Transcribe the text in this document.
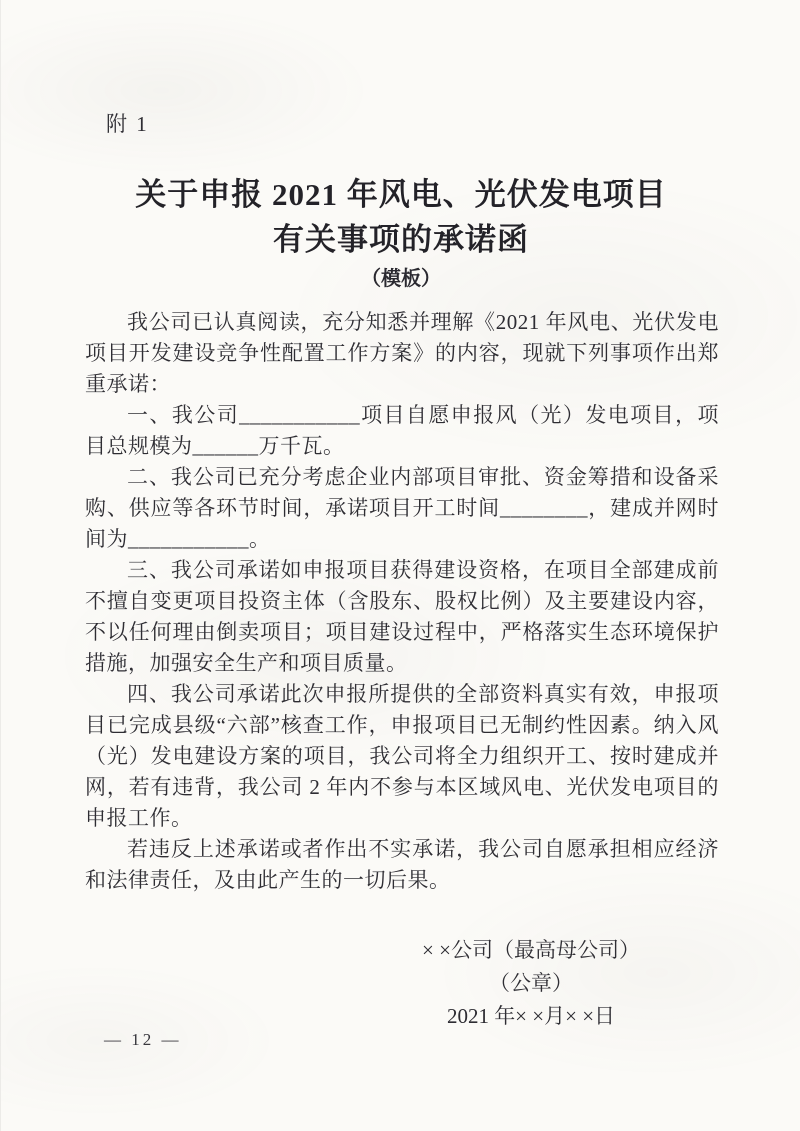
附 1
关于申报 2021 年风电、光伏发电项目
有关事项的承诺函
（模板）

我公司已认真阅读，充分知悉并理解《2021 年风电、光伏发电项目开发建设竞争性配置工作方案》的内容，现就下列事项作出郑重承诺：

一、我公司___________项目自愿申报风（光）发电项目，项目总规模为______万千瓦。

二、我公司已充分考虑企业内部项目审批、资金筹措和设备采购、供应等各环节时间，承诺项目开工时间________，建成并网时间为___________。

三、我公司承诺如申报项目获得建设资格，在项目全部建成前不擅自变更项目投资主体（含股东、股权比例）及主要建设内容，不以任何理由倒卖项目；项目建设过程中，严格落实生态环境保护措施，加强安全生产和项目质量。

四、我公司承诺此次申报所提供的全部资料真实有效，申报项目已完成县级“六部”核查工作，申报项目已无制约性因素。纳入风（光）发电建设方案的项目，我公司将全力组织开工、按时建成并网，若有违背，我公司 2 年内不参与本区域风电、光伏发电项目的申报工作。

若违反上述承诺或者作出不实承诺，我公司自愿承担相应经济和法律责任，及由此产生的一切后果。

× ×公司（最高母公司）
（公章）
2021 年× ×月× ×日
— 12 —
